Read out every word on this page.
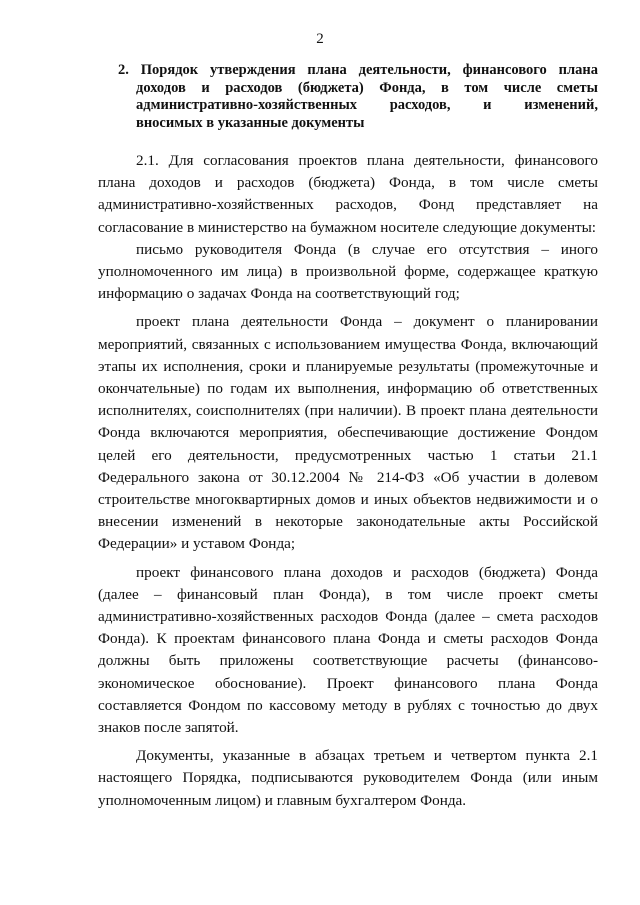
2
2. Порядок утверждения плана деятельности, финансового плана
доходов и расходов (бюджета) Фонда, в том числе сметы
административно-хозяйственных расходов, и изменений,
вносимых в указанные документы

2.1. Для согласования проектов плана деятельности, финансового плана доходов и расходов (бюджета) Фонда, в том числе сметы административно-хозяйственных расходов, Фонд представляет на согласование в министерство на бумажном носителе следующие документы:

письмо руководителя Фонда (в случае его отсутствия – иного уполномоченного им лица) в произвольной форме, содержащее краткую информацию о задачах Фонда на соответствующий год;

проект плана деятельности Фонда – документ о планировании мероприятий, связанных с использованием имущества Фонда, включающий этапы их исполнения, сроки и планируемые результаты (промежуточные и окончательные) по годам их выполнения, информацию об ответственных исполнителях, соисполнителях (при наличии). В проект плана деятельности Фонда включаются мероприятия, обеспечивающие достижение Фондом целей его деятельности, предусмотренных частью 1 статьи 21.1 Федерального закона от 30.12.2004 № 214-ФЗ «Об участии в долевом строительстве многоквартирных домов и иных объектов недвижимости и о внесении изменений в некоторые законодательные акты Российской Федерации» и уставом Фонда;

проект финансового плана доходов и расходов (бюджета) Фонда (далее – финансовый план Фонда), в том числе проект сметы административно-хозяйственных расходов Фонда (далее – смета расходов Фонда). К проектам финансового плана Фонда и сметы расходов Фонда должны быть приложены соответствующие расчеты (финансово-экономическое обоснование). Проект финансового плана Фонда составляется Фондом по кассовому методу в рублях с точностью до двух знаков после запятой.

Документы, указанные в абзацах третьем и четвертом пункта 2.1 настоящего Порядка, подписываются руководителем Фонда (или иным уполномоченным лицом) и главным бухгалтером Фонда.
